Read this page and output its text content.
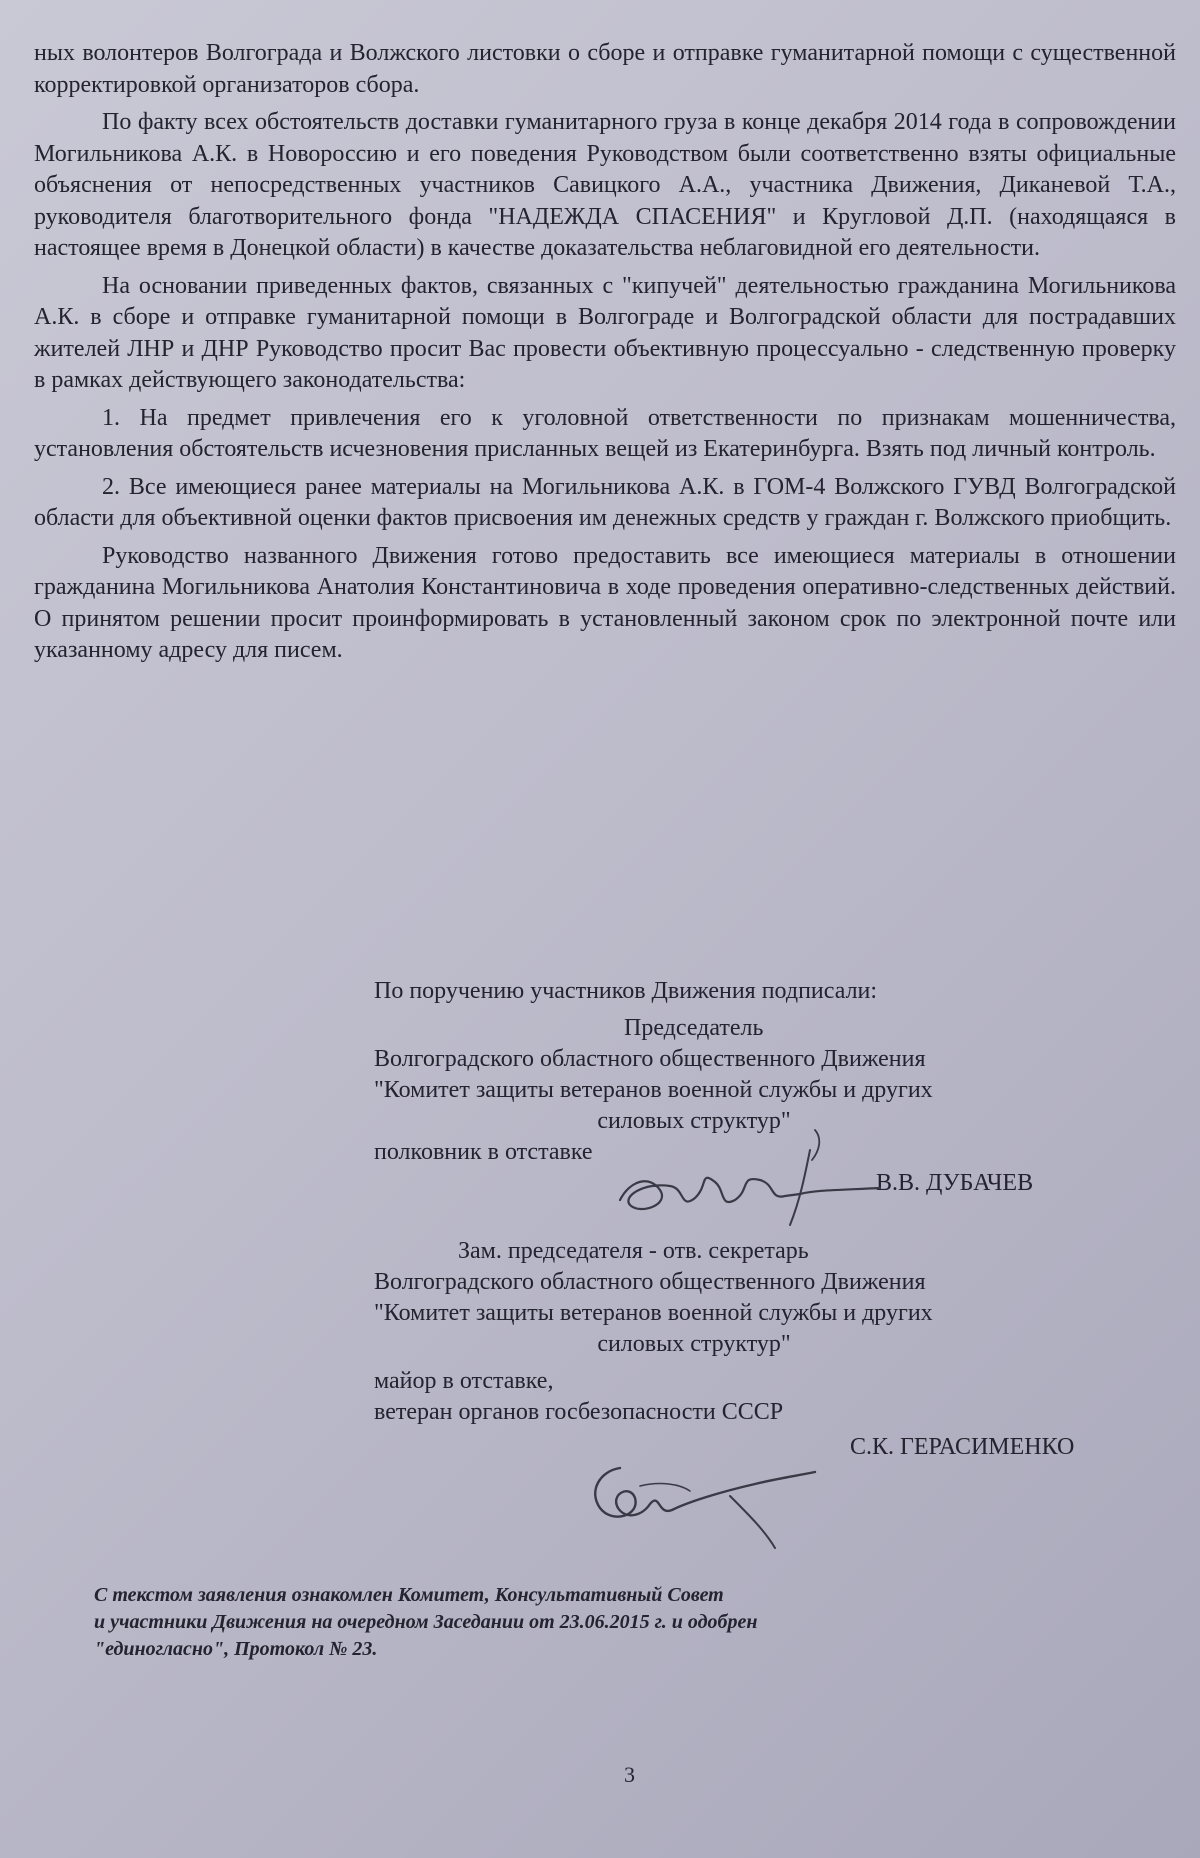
ных волонтеров Волгограда и Волжского листовки о сборе и отправке гуманитарной помощи с существенной корректировкой организаторов сбора.

По факту всех обстоятельств доставки гуманитарного груза в конце декабря 2014 года в сопровождении Могильникова А.К. в Новороссию и его поведения Руководством были соответственно взяты официальные объяснения от непосредственных участников Савицкого А.А., участника Движения, Диканевой Т.А., руководителя благотворительного фонда "НАДЕЖДА СПАСЕНИЯ" и Кругловой Д.П. (находящаяся в настоящее время в Донецкой области) в качестве доказательства неблаговидной его деятельности.

На основании приведенных фактов, связанных с "кипучей" деятельностью гражданина Могильникова А.К. в сборе и отправке гуманитарной помощи в Волгограде и Волгоградской области для пострадавших жителей ЛНР и ДНР Руководство просит Вас провести объективную процессуально - следственную проверку в рамках действующего законодательства:

1. На предмет привлечения его к уголовной ответственности по признакам мошенничества, установления обстоятельств исчезновения присланных вещей из Екатеринбурга. Взять под личный контроль.

2. Все имеющиеся ранее материалы на Могильникова А.К. в ГОМ-4 Волжского ГУВД Волгоградской области для объективной оценки фактов присвоения им денежных средств у граждан г. Волжского приобщить.

Руководство названного Движения готово предоставить все имеющиеся материалы в отношении гражданина Могильникова Анатолия Константиновича в ходе проведения оперативно-следственных действий. О принятом решении просит проинформировать в установленный законом срок по электронной почте или указанному адресу для писем.

По поручению участников Движения подписали:
Председатель
Волгоградского областного общественного Движения
"Комитет защиты ветеранов военной службы и других
силовых структур"
полковник в отставке
В.В. ДУБАЧЕВ
Зам. председателя - отв. секретарь
Волгоградского областного общественного Движения
"Комитет защиты ветеранов военной службы и других
силовых структур"
майор в отставке,
ветеран органов госбезопасности СССР
С.К. ГЕРАСИМЕНКО
С текстом заявления ознакомлен Комитет, Консультативный Совет
и участники Движения на очередном Заседании от 23.06.2015 г. и одобрен
"единогласно", Протокол № 23.
3
